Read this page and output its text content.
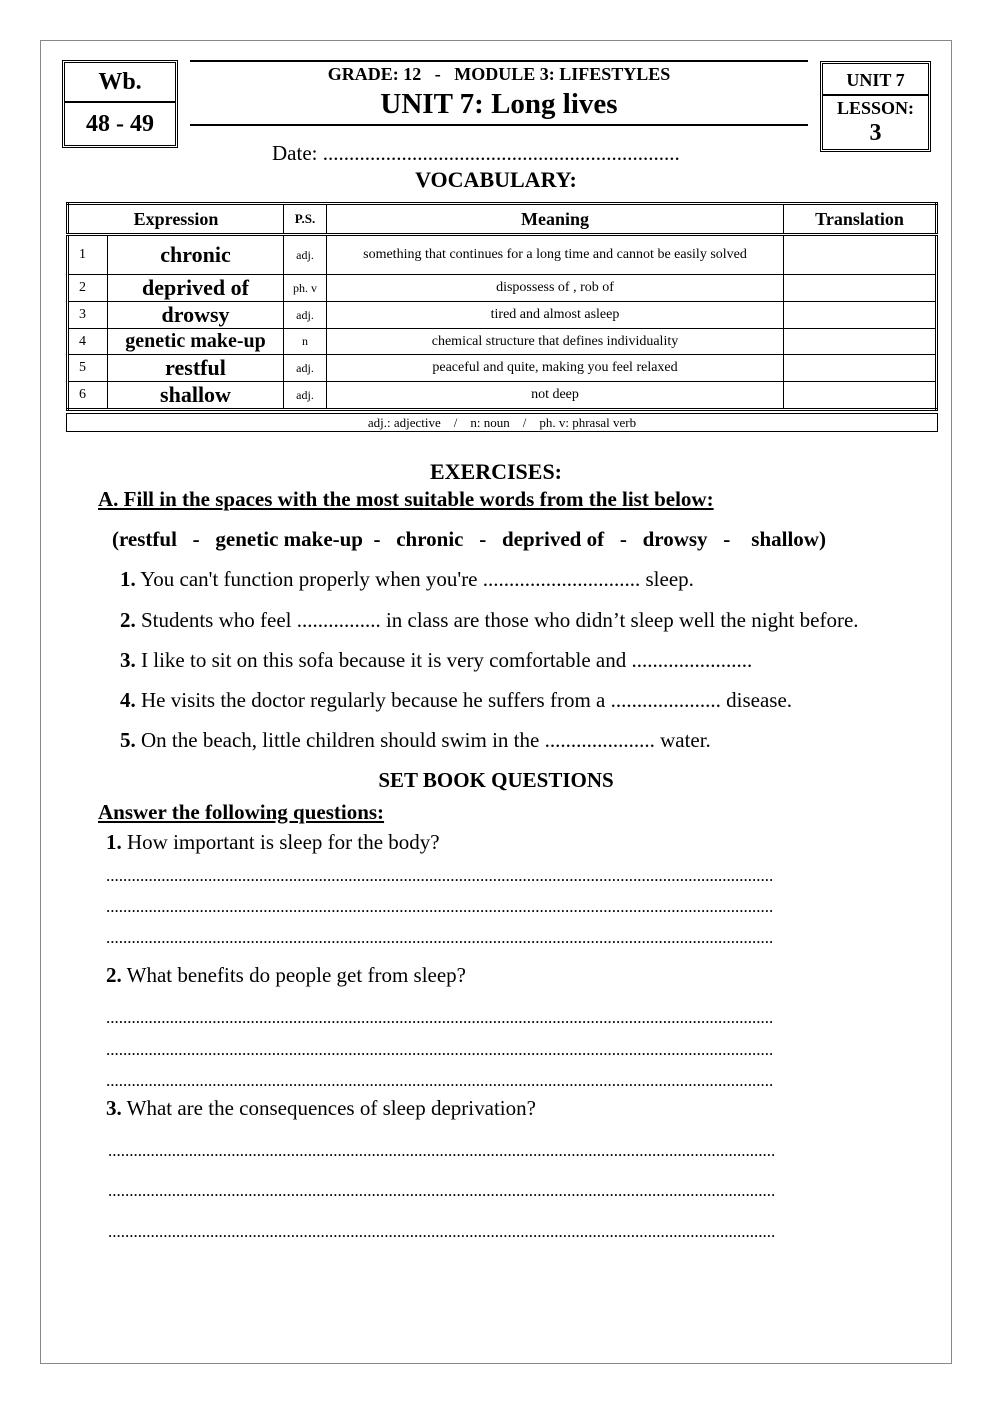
Wb.
48 - 49
GRADE: 12   -   MODULE 3: LIFESTYLES
UNIT 7: Long lives
UNIT 7
LESSON:
3
Date: ....................................................................
VOCABULARY:
Expression		P.S.	Meaning	Translation
1	chronic	adj.	something that continues for a long time and cannot be easily solved	
2	deprived of	ph. v	dispossess of , rob of	
3	drowsy	adj.	tired and almost asleep	
4	genetic make-up	n	chemical structure that defines individuality	
5	restful	adj.	peaceful and quite, making you feel relaxed	
6	shallow	adj.	not deep	
adj.: adjective    /    n: noun    /    ph. v: phrasal verb
EXERCISES:
A. Fill in the spaces with the most suitable words from the list below:
(restful   -   genetic make-up  -   chronic   -   deprived of   -   drowsy   -    shallow)
1. You can't function properly when you're .............................. sleep.
2. Students who feel ................ in class are those who didn’t sleep well the night before.
3. I like to sit on this sofa because it is very comfortable and .......................
4. He visits the doctor regularly because he suffers from a ..................... disease.
5. On the beach, little children should swim in the ..................... water.
SET BOOK QUESTIONS
Answer the following questions:
1. How important is sleep for the body?
.............................................................................................................................................................
.............................................................................................................................................................
.............................................................................................................................................................
2. What benefits do people get from sleep?
.............................................................................................................................................................
.............................................................................................................................................................
.............................................................................................................................................................
3. What are the consequences of sleep deprivation?
.............................................................................................................................................................
.............................................................................................................................................................
.............................................................................................................................................................
